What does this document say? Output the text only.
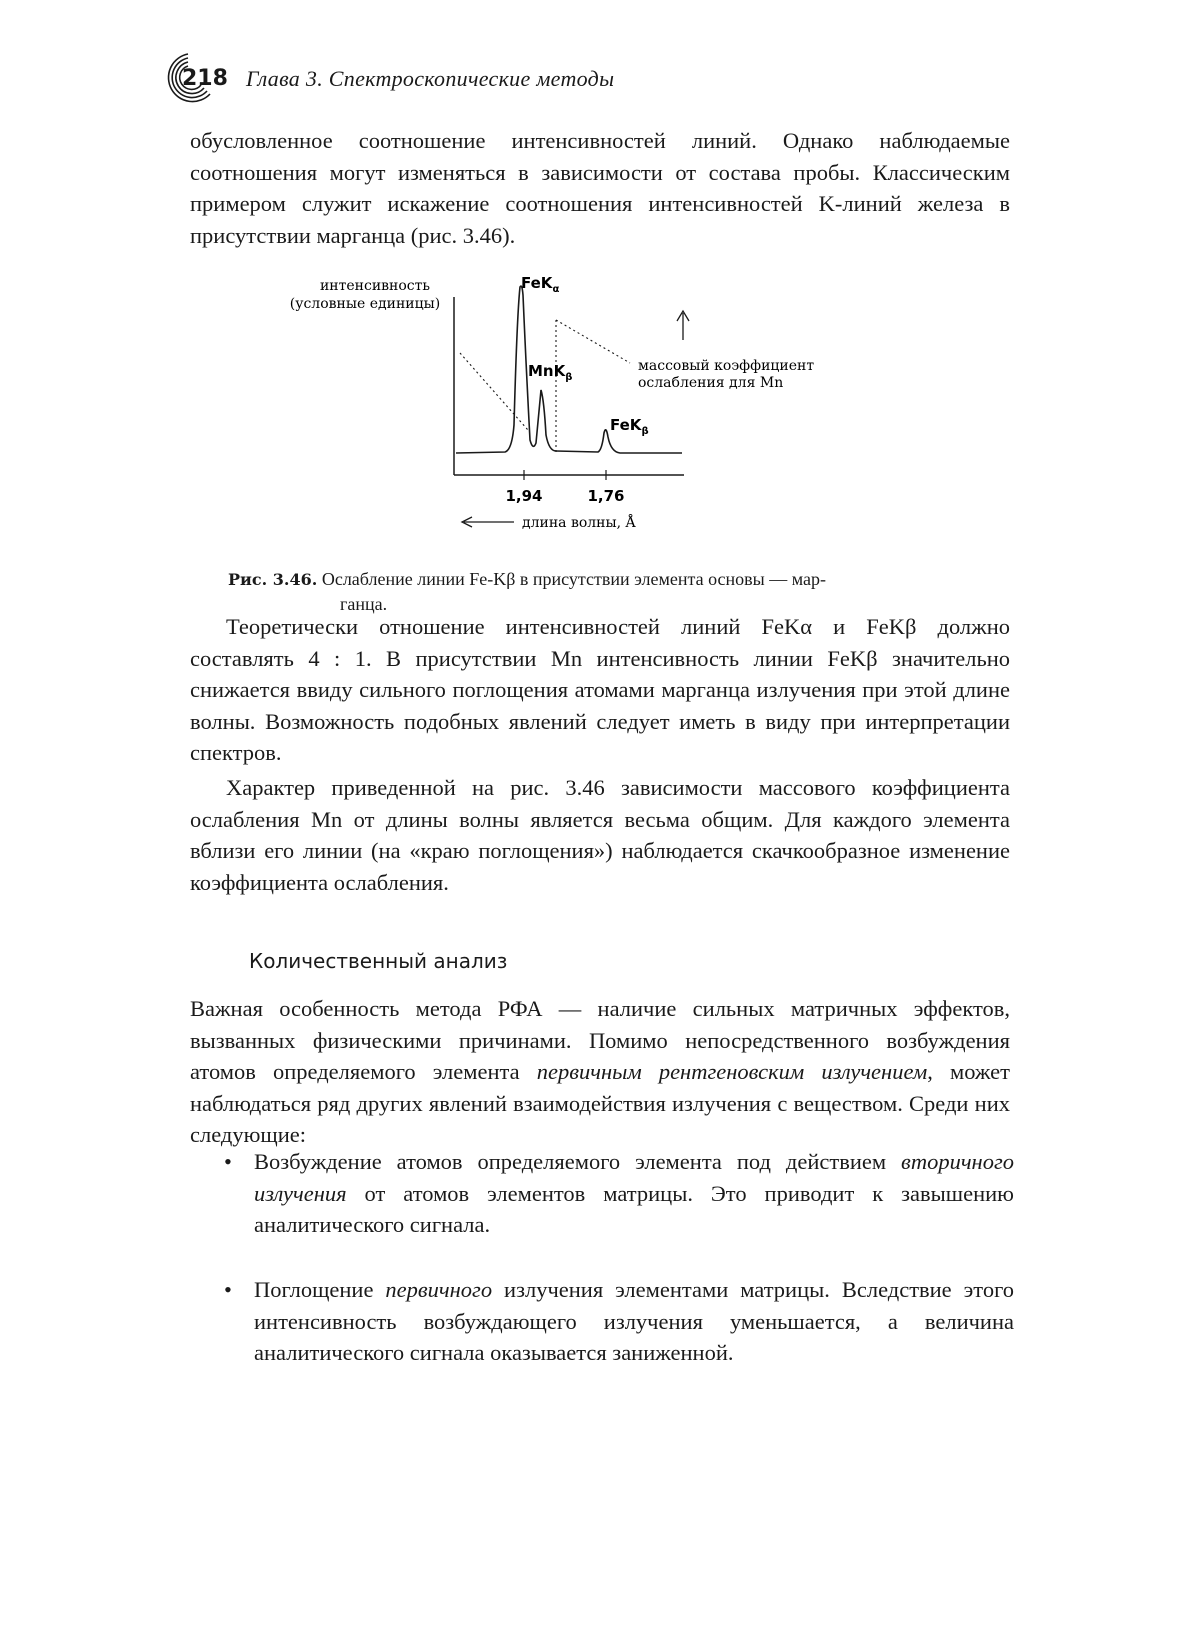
218 Глава 3. Спектроскопические методы

обусловленное соотношение интенсивностей линий. Однако наблюдаемые соотношения могут изменяться в зависимости от состава пробы. Классическим примером служит искажение соотношения интенсивностей K-линий железа в присутствии марганца (рис. 3.46).

интенсивность
(условные единицы)
FeK$_\alpha$
MnK$_\beta$
FeK$_\beta$
массовый коэффициент
ослабления для Mn
1,94	1,76
длина волны, Å

Рис. 3.46. Ослабление линии Fe-Kβ в присутствии элемента основы — мар-
ганца.

Теоретически отношение интенсивностей линий FeKα и FeKβ должно составлять 4 : 1. В присутствии Mn интенсивность линии FeKβ значительно снижается ввиду сильного поглощения атомами марганца излучения при этой длине волны. Возможность подобных явлений следует иметь в виду при интерпретации спектров.

Характер приведенной на рис. 3.46 зависимости массового коэффициента ослабления Mn от длины волны является весьма общим. Для каждого элемента вблизи его линии (на «краю поглощения») наблюдается скачкообразное изменение коэффициента ослабления.

Количественный анализ

Важная особенность метода РФА — наличие сильных матричных эффектов, вызванных физическими причинами. Помимо непосредственного возбуждения атомов определяемого элемента первичным рентгеновским излучением, может наблюдаться ряд других явлений взаимодействия излучения с веществом. Среди них следующие:

• Возбуждение атомов определяемого элемента под действием вторичного излучения от атомов элементов матрицы. Это приводит к завышению аналитического сигнала.

• Поглощение первичного излучения элементами матрицы. Вследствие этого интенсивность возбуждающего излучения уменьшается, а величина аналитического сигнала оказывается заниженной.
